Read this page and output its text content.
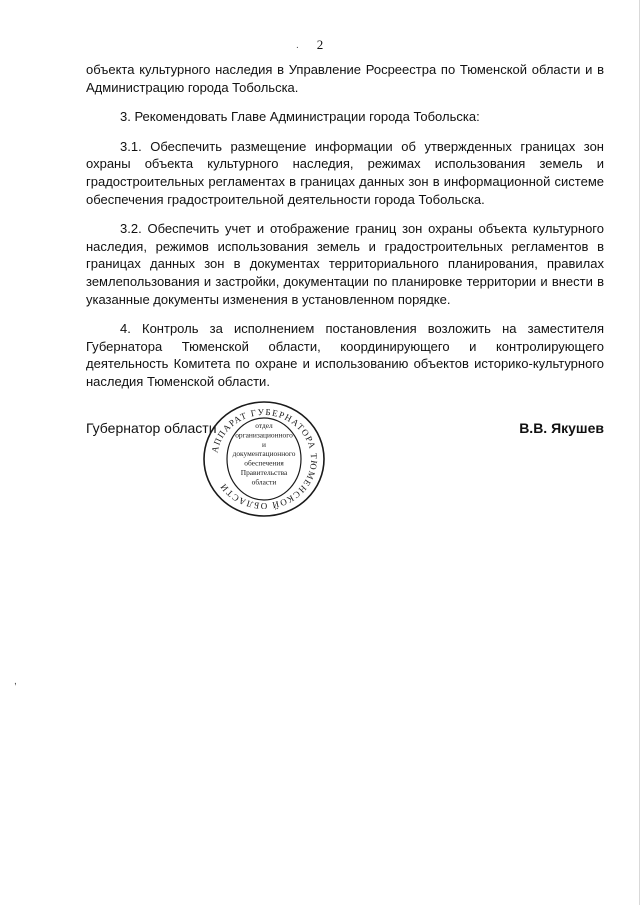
2

объекта культурного наследия в Управление Росреестра по Тюменской области и в Администрацию города Тобольска.

3. Рекомендовать Главе Администрации города Тобольска:

3.1. Обеспечить размещение информации об утвержденных границах зон охраны объекта культурного наследия, режимах использования земель и градостроительных регламентах в границах данных зон в информационной системе обеспечения градостроительной деятельности города Тобольска.

3.2. Обеспечить учет и отображение границ зон охраны объекта культурного наследия, режимов использования земель и градостроительных регламентов в границах данных зон в документах территориального планирования, правилах землепользования и застройки, документации по планировке территории и внести в указанные документы изменения в установленном порядке.

4. Контроль за исполнением постановления возложить на заместителя Губернатора Тюменской области, координирующего и контролирующего деятельность Комитета по охране и использованию объектов историко-культурного наследия Тюменской области.

Губернатор области	В.В. Якушев
АППАРАТ ГУБЕРНАТОРА ТЮМЕНСКОЙ ОБЛАСТИ
отдел
организационного
и
документационного
обеспечения
Правительства
области
.
,
